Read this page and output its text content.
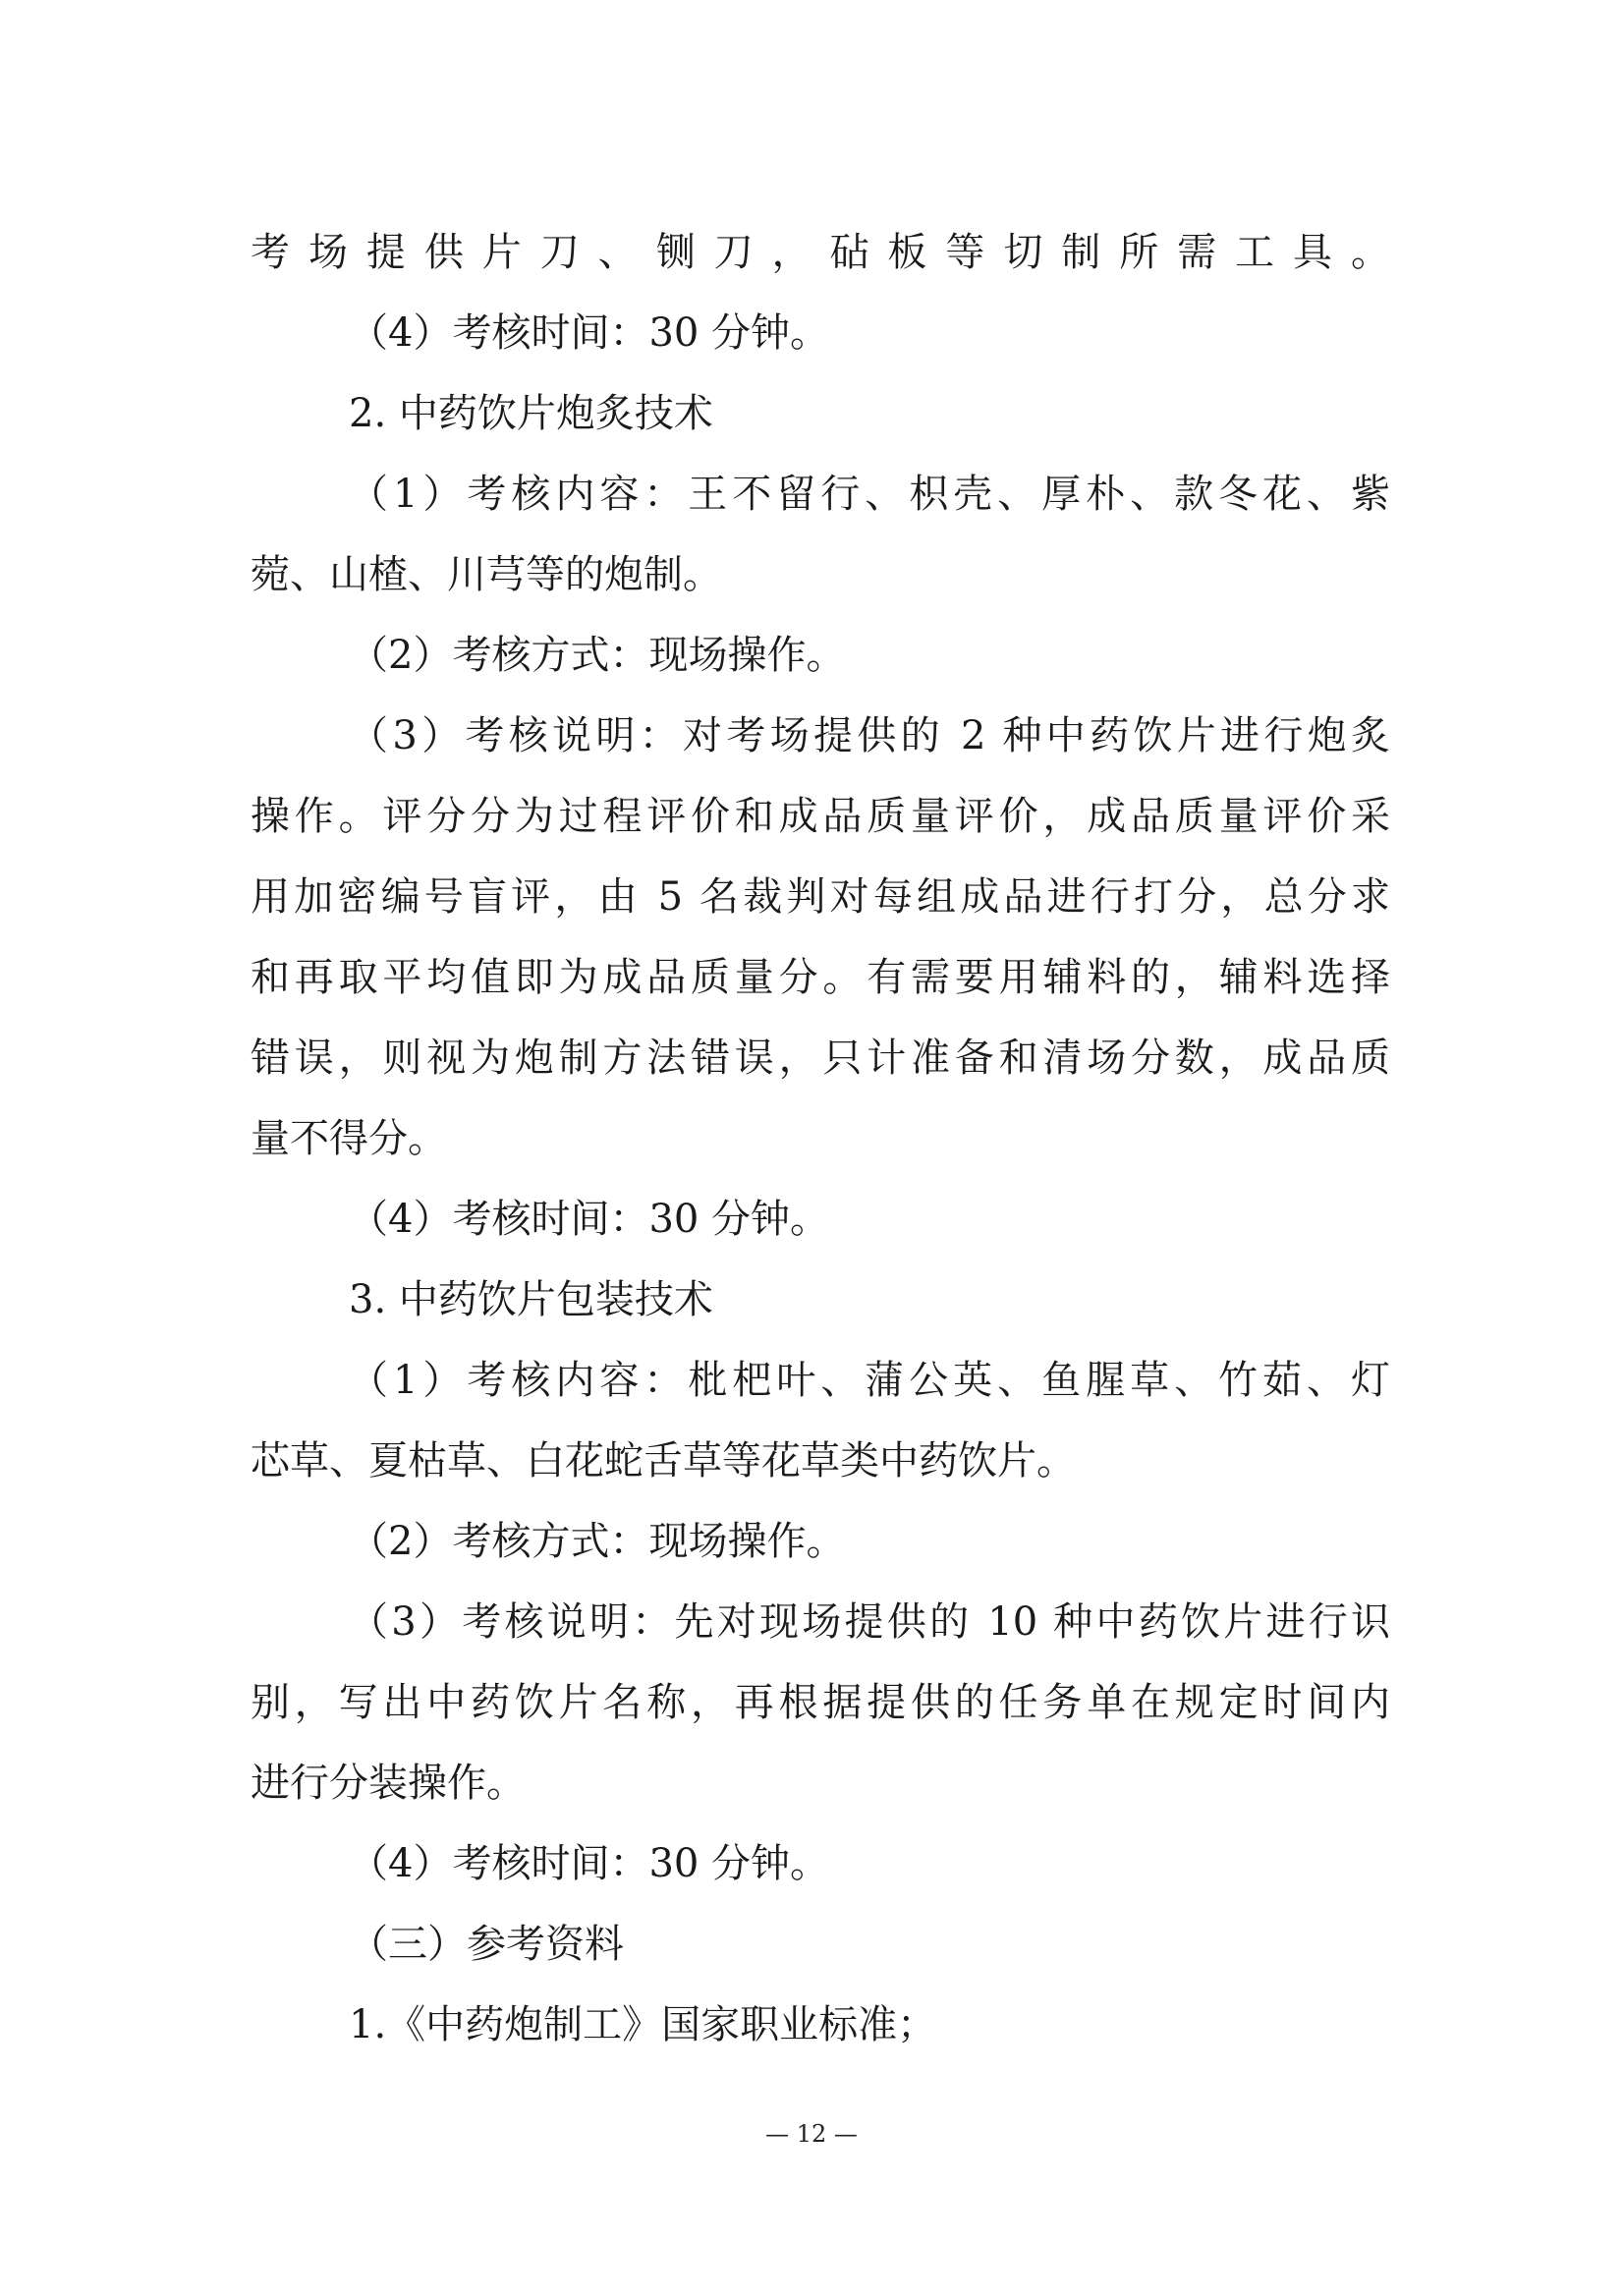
考场提供片刀、铡刀，砧板等切制所需工具。
（4）考核时间：30 分钟。
2. 中药饮片炮炙技术
（1）考核内容：王不留行、枳壳、厚朴、款冬花、紫
菀、山楂、川芎等的炮制。
（2）考核方式：现场操作。
（3）考核说明：对考场提供的 2 种中药饮片进行炮炙
操作。评分分为过程评价和成品质量评价，成品质量评价采
用加密编号盲评，由 5 名裁判对每组成品进行打分，总分求
和再取平均值即为成品质量分。有需要用辅料的，辅料选择
错误，则视为炮制方法错误，只计准备和清场分数，成品质
量不得分。
（4）考核时间：30 分钟。
3. 中药饮片包装技术
（1）考核内容：枇杷叶、蒲公英、鱼腥草、竹茹、灯
芯草、夏枯草、白花蛇舌草等花草类中药饮片。
（2）考核方式：现场操作。
（3）考核说明：先对现场提供的 10 种中药饮片进行识
别，写出中药饮片名称，再根据提供的任务单在规定时间内
进行分装操作。
（4）考核时间：30 分钟。
（三）参考资料
1.《中药炮制工》国家职业标准；
— 12 —
